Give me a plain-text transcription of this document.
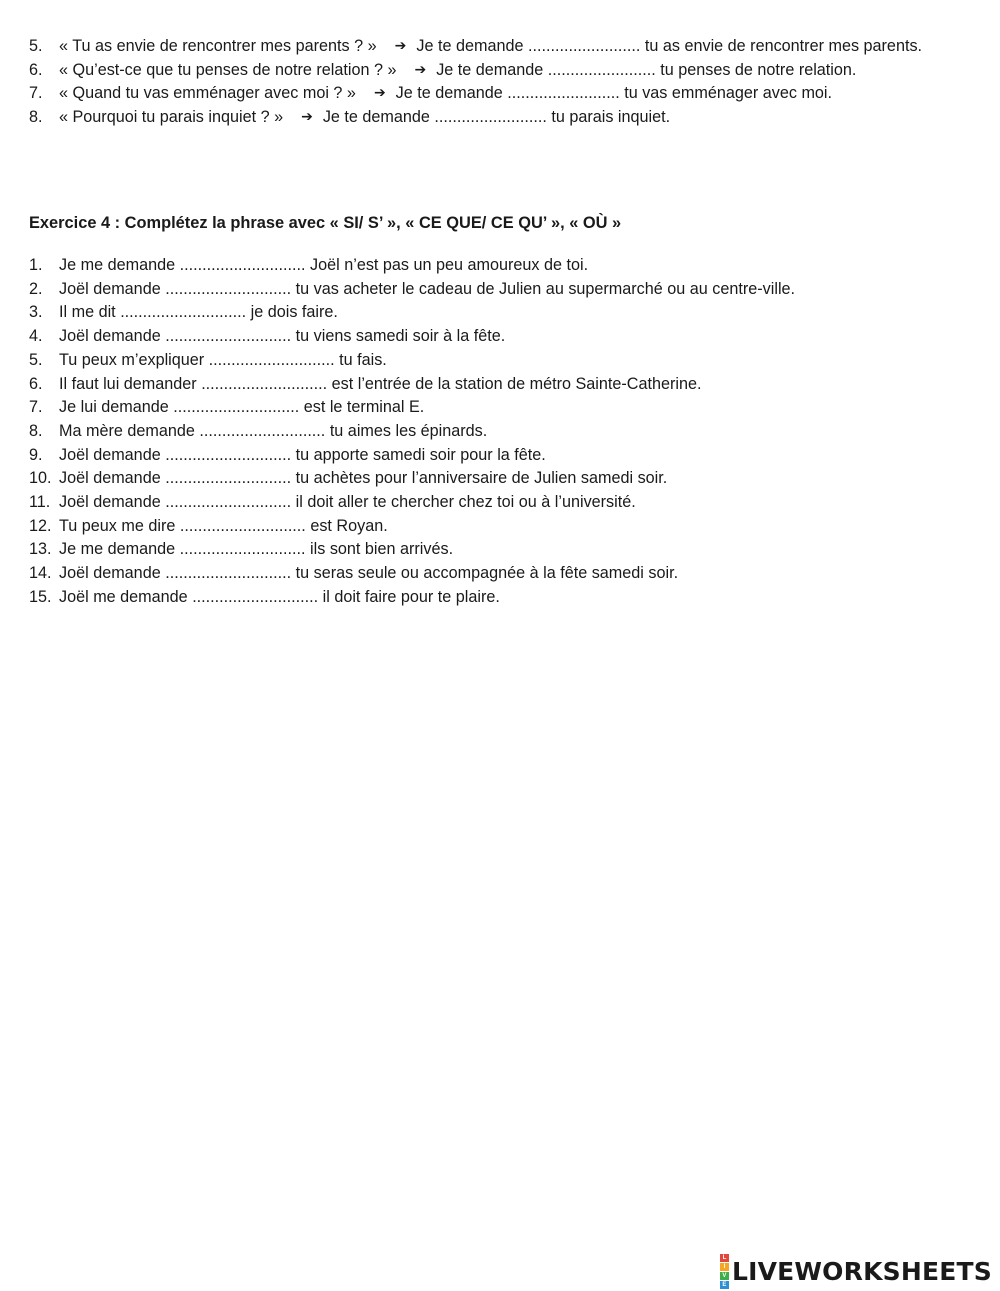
5. « Tu as envie de rencontrer mes parents ? » ➔ Je te demande ......................... tu as envie de rencontrer mes parents.
6. « Qu’est-ce que tu penses de notre relation ? » ➔ Je te demande ........................ tu penses de notre relation.
7. « Quand tu vas emménager avec moi ? » ➔ Je te demande ......................... tu vas emménager avec moi.
8. « Pourquoi tu parais inquiet ? » ➔ Je te demande ......................... tu parais inquiet.
Exercice 4 : Complétez la phrase avec « SI/ S’ », « CE QUE/ CE QU’ », « OÙ »
1. Je me demande ............................ Joël n’est pas un peu amoureux de toi.
2. Joël demande ............................ tu vas acheter le cadeau de Julien au supermarché ou au centre-ville.
3. Il me dit ............................ je dois faire.
4. Joël demande ............................ tu viens samedi soir à la fête.
5. Tu peux m’expliquer ............................ tu fais.
6. Il faut lui demander ............................ est l’entrée de la station de métro Sainte-Catherine.
7. Je lui demande ............................ est le terminal E.
8. Ma mère demande ............................ tu aimes les épinards.
9. Joël demande ............................ tu apporte samedi soir pour la fête.
10. Joël demande ............................ tu achètes pour l’anniversaire de Julien samedi soir.
11. Joël demande ............................ il doit aller te chercher chez toi ou à l’université.
12. Tu peux me dire ............................ est Royan.
13. Je me demande ............................ ils sont bien arrivés.
14. Joël demande ............................ tu seras seule ou accompagnée à la fête samedi soir.
15. Joël me demande ............................ il doit faire pour te plaire.
L
I
V
E LIVEWORKSHEETS
